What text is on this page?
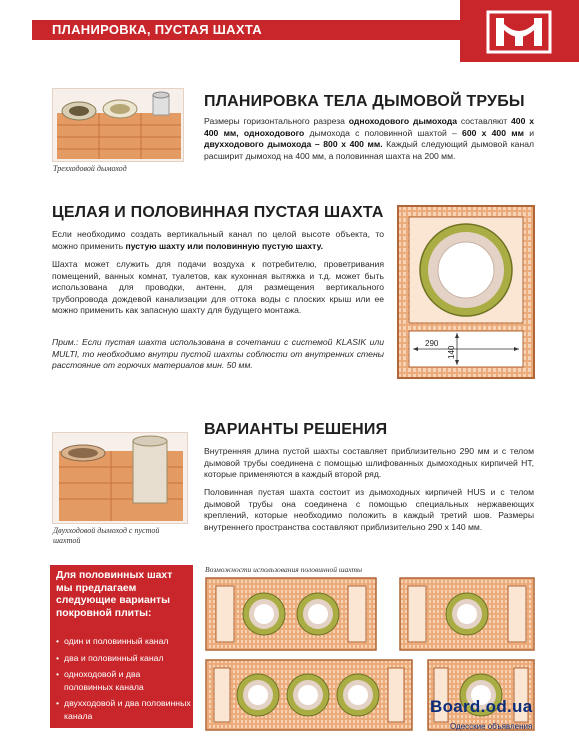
ПЛАНИРОВКА, ПУСТАЯ ШАХТА
Трехходовой дымоход
ПЛАНИРОВКА ТЕЛА ДЫМОВОЙ ТРУБЫ
Размеры горизонтального разреза одноходового дымохода составляют 400 х 400 мм, одноходового дымохода с половинной шахтой – 600 х 400 мм и двухходового дымохода – 800 х 400 мм. Каждый следующий дымовой канал расширит дымоход на 400 мм, а половинная шахта на 200 мм.
ЦЕЛАЯ И ПОЛОВИННАЯ ПУСТАЯ ШАХТА
Если необходимо создать вертикальный канал по целой высоте объекта, то можно применить пустую шахту или половинную пустую шахту.
Шахта может служить для подачи воздуха к потребителю, проветривания помещений, ванных комнат, туалетов, как кухонная вытяжка и т.д. может быть использована для проводки, антенн, для размещения вертикального трубопровода дождевой канализации для оттока воды с плоских крыш или ее можно применить как запасную шахту для будущего монтажа.
Прим.: Если пустая шахта использована в сочетании с системой KLASIK или MULTI, то необходимо внутри пустой шахты соблюсти от внутренних стены расстояние от горючих материалов мин. 50 мм.
290
140
Двухходовой дымоход с пустой шахтой
ВАРИАНТЫ РЕШЕНИЯ
Внутренняя длина пустой шахты составляет приблизительно 290 мм и с телом дымовой трубы соединена с помощью шлифованных дымоходных кирпичей HT, которые применяются в каждый второй ряд.
Половинная пустая шахта состоит из дымоходных кирпичей HUS и с телом дымовой трубы она соединена с помощью специальных нержавеющих креплений, которые необходимо положить в каждый третий шов. Размеры внутреннего пространства составляют приблизительно 290 х 140 мм.
Для половинных шахт мы предлагаем следующие варианты покровной плиты:
• один и половинный канал
• два и половинный канал
• одноходовой и два половинных канала
• двухходовой и два половинных канала
Возможности использования половинной шахты
Board.od.ua
Одесские объявления
